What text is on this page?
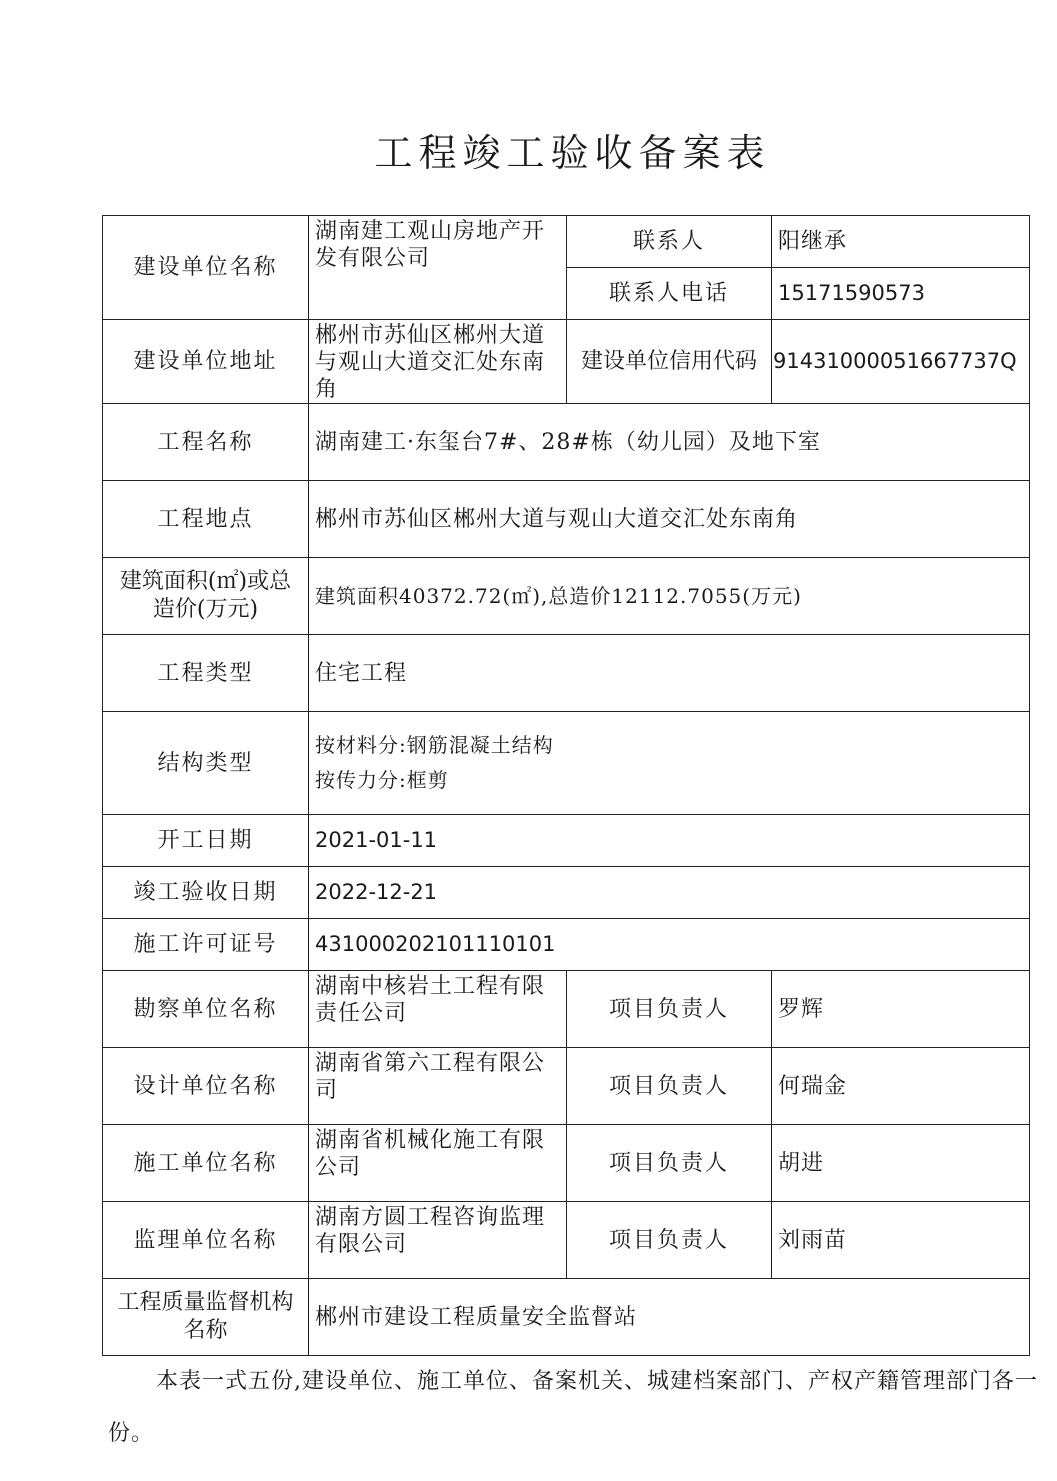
工程竣工验收备案表
建设单位名称	湖南建工观山房地产开发有限公司	联系人	阳继承
		联系人电话	15171590573
建设单位地址	郴州市苏仙区郴州大道与观山大道交汇处东南角	建设单位信用代码	91431000051667737Q
工程名称	湖南建工·东玺台7#、28#栋（幼儿园）及地下室		
工程地点	郴州市苏仙区郴州大道与观山大道交汇处东南角		
建筑面积(㎡)或总造价(万元)	建筑面积40372.72(㎡),总造价12112.7055(万元)		
工程类型	住宅工程		
结构类型	按材料分:钢筋混凝土结构
按传力分:框剪		

开工日期	2021-01-11		
竣工验收日期	2022-12-21		
施工许可证号	431000202101110101		
勘察单位名称	湖南中核岩土工程有限责任公司	项目负责人	罗辉
设计单位名称	湖南省第六工程有限公司	项目负责人	何瑞金
施工单位名称	湖南省机械化施工有限公司	项目负责人	胡进
监理单位名称	湖南方圆工程咨询监理有限公司	项目负责人	刘雨苗
工程质量监督机构名称	郴州市建设工程质量安全监督站		
本表一式五份,建设单位、施工单位、备案机关、城建档案部门、产权产籍管理部门各一份。
